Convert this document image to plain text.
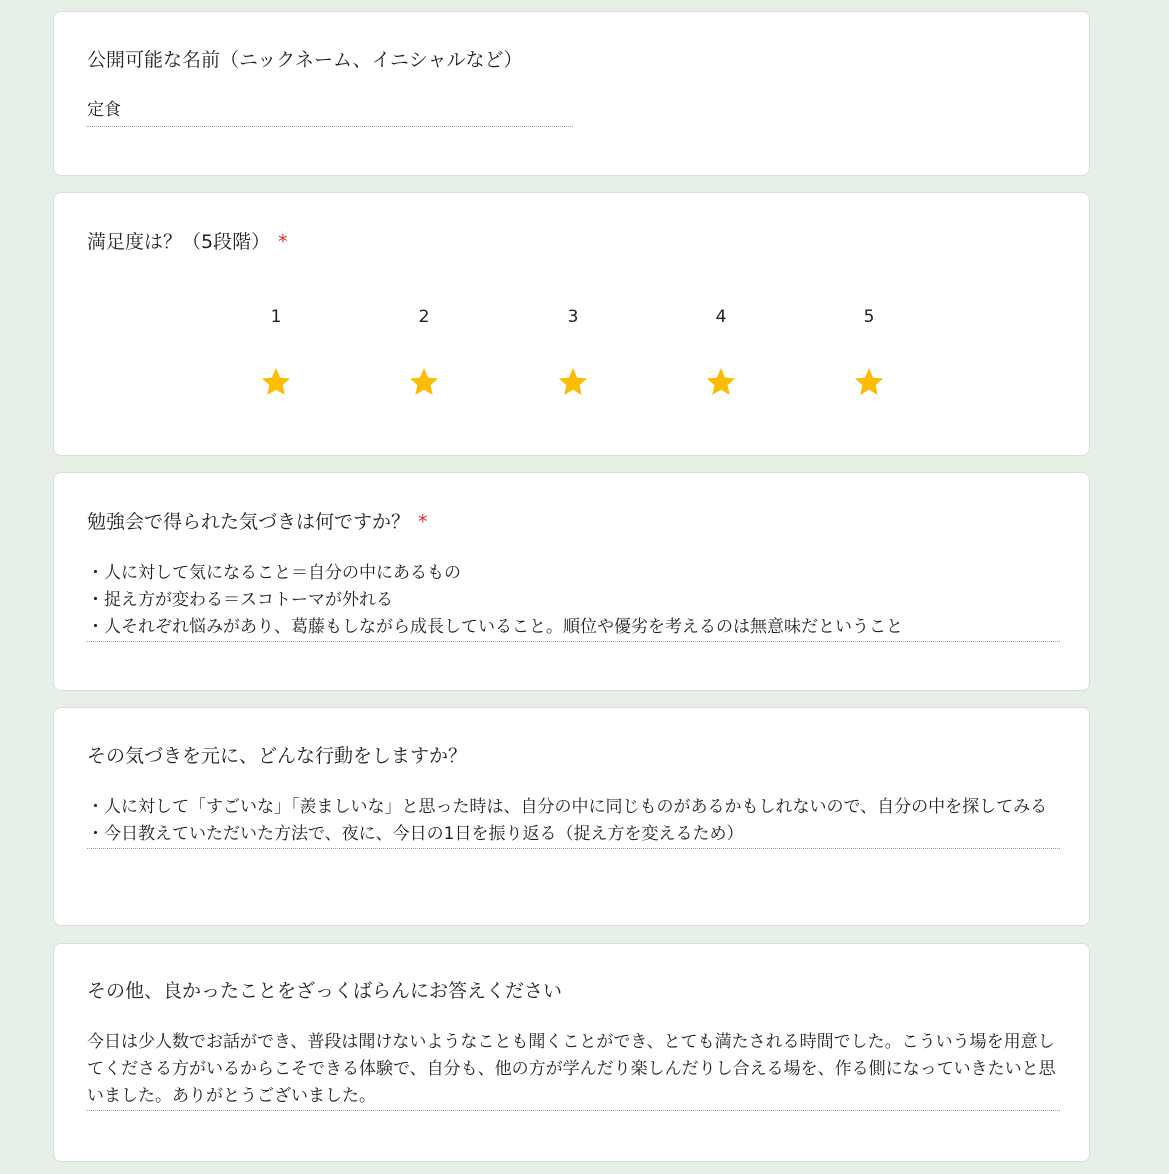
公開可能な名前（ニックネーム、イニシャルなど）
定食
満足度は？（5段階） *
1	2	3	4	5
勉強会で得られた気づきは何ですか？ *
・人に対して気になること＝自分の中にあるもの
・捉え方が変わる＝スコトーマが外れる
・人それぞれ悩みがあり、葛藤もしながら成長していること。順位や優劣を考えるのは無意味だということ
その気づきを元に、どんな行動をしますか？
・人に対して「すごいな」「羨ましいな」と思った時は、自分の中に同じものがあるかもしれないので、自分の中を探してみる
・今日教えていただいた方法で、夜に、今日の1日を振り返る（捉え方を変えるため）
その他、良かったことをざっくばらんにお答えください
今日は少人数でお話ができ、普段は聞けないようなことも聞くことができ、とても満たされる時間でした。こういう場を用意してくださる方がいるからこそできる体験で、自分も、他の方が学んだり楽しんだりし合える場を、作る側になっていきたいと思いました。ありがとうございました。
